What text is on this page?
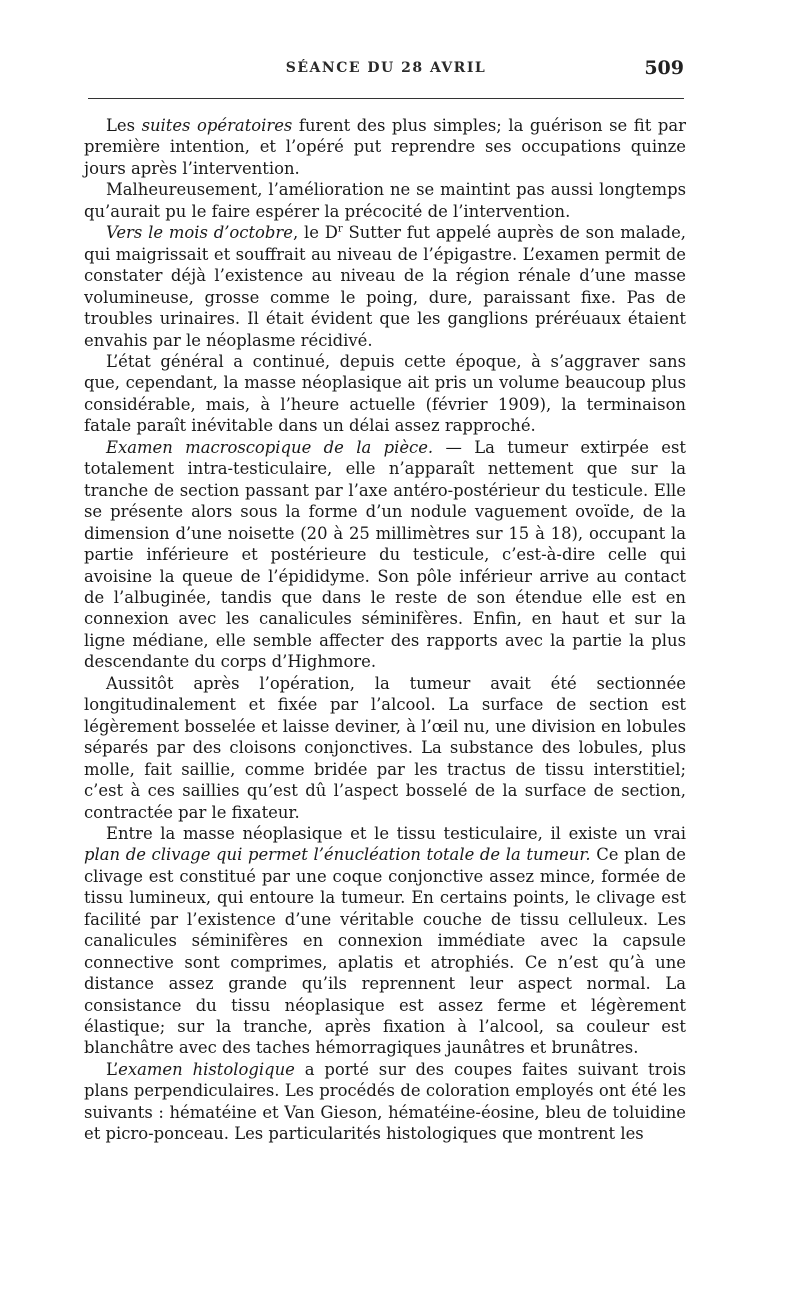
SÉANCE DU 28 AVRIL	509

Les suites opératoires furent des plus simples; la guérison se fit par première intention, et l’opéré put reprendre ses occupations quinze jours après l’intervention.

Malheureusement, l’amélioration ne se maintint pas aussi longtemps qu’aurait pu le faire espérer la précocité de l’intervention.

Vers le mois d’octobre, le $D^r$ Sutter fut appelé auprès de son malade, qui maigrissait et souffrait au niveau de l’épigastre. L’examen permit de constater déjà l’existence au niveau de la région rénale d’une masse volumineuse, grosse comme le poing, dure, paraissant fixe. Pas de troubles urinaires. Il était évident que les ganglions préréuaux étaient envahis par le néoplasme récidivé.

L’état général a continué, depuis cette époque, à s’aggraver sans que, cependant, la masse néoplasique ait pris un volume beaucoup plus considérable, mais, à l’heure actuelle (février 1909), la terminaison fatale paraît inévitable dans un délai assez rapproché.

Examen macroscopique de la pièce. — La tumeur extirpée est totalement intra-testiculaire, elle n’apparaît nettement que sur la tranche de section passant par l’axe antéro-postérieur du testicule. Elle se présente alors sous la forme d’un nodule vaguement ovoïde, de la dimension d’une noisette (20 à 25 millimètres sur 15 à 18), occupant la partie inférieure et postérieure du testicule, c’est-à-dire celle qui avoisine la queue de l’épididyme. Son pôle inférieur arrive au contact de l’albuginée, tandis que dans le reste de son étendue elle est en connexion avec les canalicules séminifères. Enfin, en haut et sur la ligne médiane, elle semble affecter des rapports avec la partie la plus descendante du corps d’Highmore.

Aussitôt après l’opération, la tumeur avait été sectionnée longitudinalement et fixée par l’alcool. La surface de section est légèrement bosselée et laisse deviner, à l’œil nu, une division en lobules séparés par des cloisons conjonctives. La substance des lobules, plus molle, fait saillie, comme bridée par les tractus de tissu interstitiel; c’est à ces saillies qu’est dû l’aspect bosselé de la surface de section, contractée par le fixateur.

Entre la masse néoplasique et le tissu testiculaire, il existe un vrai plan de clivage qui permet l’énucléation totale de la tumeur. Ce plan de clivage est constitué par une coque conjonctive assez mince, formée de tissu lumineux, qui entoure la tumeur. En certains points, le clivage est facilité par l’existence d’une véritable couche de tissu celluleux. Les canalicules séminifères en connexion immédiate avec la capsule connective sont comprimes, aplatis et atrophiés. Ce n’est qu’à une distance assez grande qu’ils reprennent leur aspect normal. La consistance du tissu néoplasique est assez ferme et légèrement élastique; sur la tranche, après fixation à l’alcool, sa couleur est blanchâtre avec des taches hémorragiques jaunâtres et brunâtres.

L’examen histologique a porté sur des coupes faites suivant trois plans perpendiculaires. Les procédés de coloration employés ont été les suivants : hématéine et Van Gieson, hématéine-éosine, bleu de toluidine et picro-ponceau. Les particularités histologiques que montrent les
